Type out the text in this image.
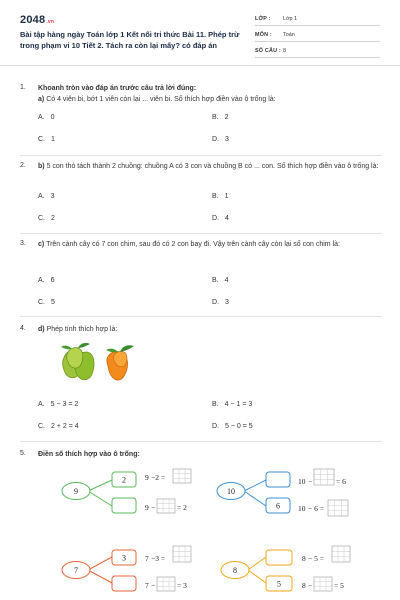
2048.vn
Bài tập hàng ngày Toán lớp 1 Kết nối tri thức Bài 11. Phép trừ trong phạm vi 10 Tiết 2. Tách ra còn lại mấy? có đáp án
LỚP : Lớp 1
MÔN : Toán
SỐ CÂU : 8
1. Khoanh tròn vào đáp án trước câu trả lời đúng:
a) Có 4 viên bi, bớt 1 viên còn lại ... viên bi. Số thích hợp điền vào ô trống là:
A. 0	B. 2
C. 1	D. 3
2. b) 5 con thỏ tách thành 2 chuồng: chuồng A có 3 con và chuồng B có ... con. Số thích hợp điền vào ô trống là:
A. 3	B. 1
C. 2	D. 4
3. c) Trên cành cây có 7 con chim, sau đó có 2 con bay đi. Vậy trên cành cây còn lại số con chim là:
A. 6	B. 4
C. 5	D. 3
4. d) Phép tính thích hợp là:
A. 5 − 3 = 2	B. 4 − 1 = 3
C. 2 + 2 = 4	D. 5 − 0 = 5
5. Điền số thích hợp vào ô trống:
9
2	9 −2 =
9 −	= 2
10
6
10 −	= 6
10 − 6 =
7
3	7 −3 =
7 −	= 3
8
5
8 − 5 =
8 −	= 5
